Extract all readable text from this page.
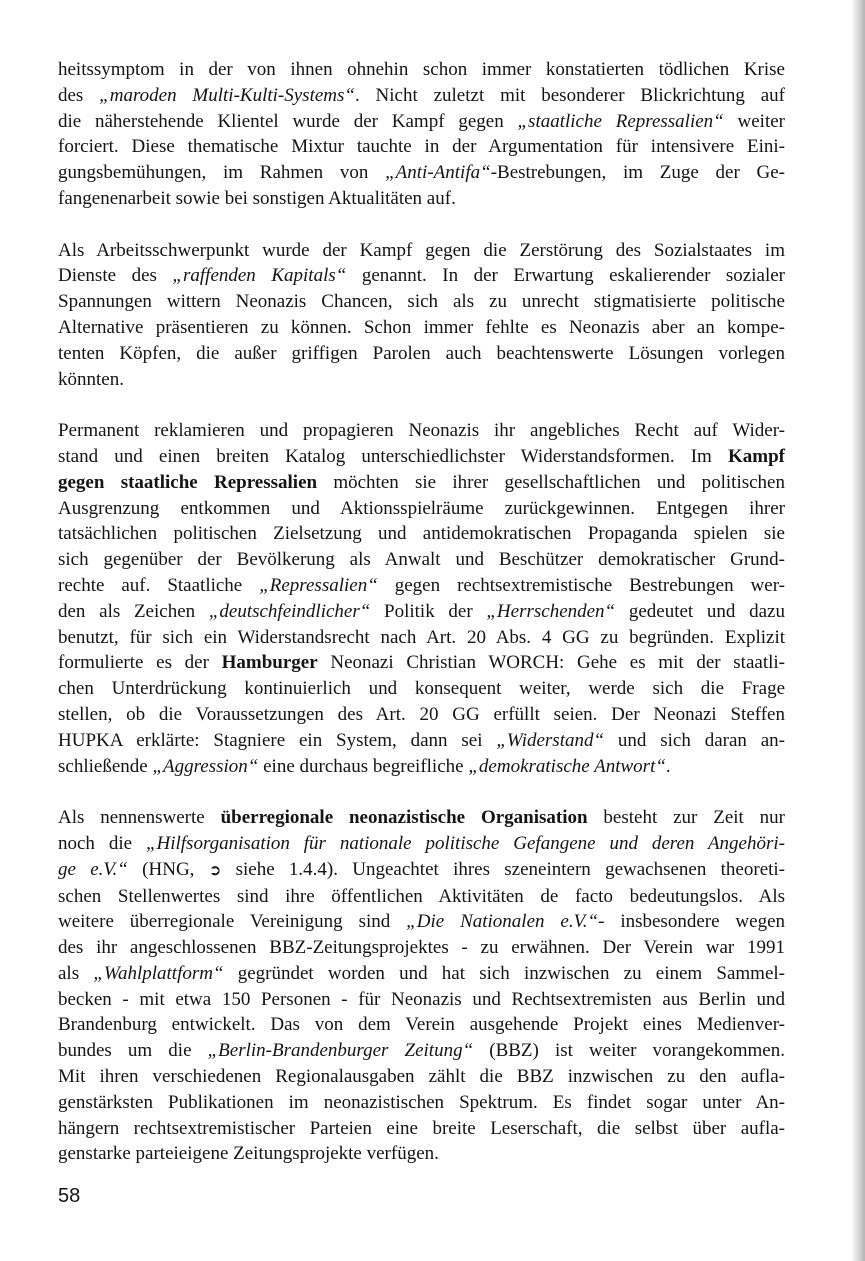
heitssymptom in der von ihnen ohnehin schon immer konstatierten tödlichen Krise
des „maroden Multi-Kulti-Systems“. Nicht zuletzt mit besonderer Blickrichtung auf
die näherstehende Klientel wurde der Kampf gegen „staatliche Repressalien“ weiter
forciert. Diese thematische Mixtur tauchte in der Argumentation für intensivere Eini-
gungsbemühungen, im Rahmen von „Anti-Antifa“-Bestrebungen, im Zuge der Ge-
fangenenarbeit sowie bei sonstigen Aktualitäten auf.

Als Arbeitsschwerpunkt wurde der Kampf gegen die Zerstörung des Sozialstaates im
Dienste des „raffenden Kapitals“ genannt. In der Erwartung eskalierender sozialer
Spannungen wittern Neonazis Chancen, sich als zu unrecht stigmatisierte politische
Alternative präsentieren zu können. Schon immer fehlte es Neonazis aber an kompe-
tenten Köpfen, die außer griffigen Parolen auch beachtenswerte Lösungen vorlegen
könnten.

Permanent reklamieren und propagieren Neonazis ihr angebliches Recht auf Wider-
stand und einen breiten Katalog unterschiedlichster Widerstandsformen. Im Kampf
gegen staatliche Repressalien möchten sie ihrer gesellschaftlichen und politischen
Ausgrenzung entkommen und Aktionsspielräume zurückgewinnen. Entgegen ihrer
tatsächlichen politischen Zielsetzung und antidemokratischen Propaganda spielen sie
sich gegenüber der Bevölkerung als Anwalt und Beschützer demokratischer Grund-
rechte auf. Staatliche „Repressalien“ gegen rechtsextremistische Bestrebungen wer-
den als Zeichen „deutschfeindlicher“ Politik der „Herrschenden“ gedeutet und dazu
benutzt, für sich ein Widerstandsrecht nach Art. 20 Abs. 4 GG zu begründen. Explizit
formulierte es der Hamburger Neonazi Christian WORCH: Gehe es mit der staatli-
chen Unterdrückung kontinuierlich und konsequent weiter, werde sich die Frage
stellen, ob die Voraussetzungen des Art. 20 GG erfüllt seien. Der Neonazi Steffen
HUPKA erklärte: Stagniere ein System, dann sei „Widerstand“ und sich daran an-
schließende „Aggression“ eine durchaus begreifliche „demokratische Antwort“.

Als nennenswerte überregionale neonazistische Organisation besteht zur Zeit nur
noch die „Hilfsorganisation für nationale politische Gefangene und deren Angehöri-
ge e.V.“ (HNG, ➲ siehe 1.4.4). Ungeachtet ihres szeneintern gewachsenen theoreti-
schen Stellenwertes sind ihre öffentlichen Aktivitäten de facto bedeutungslos. Als
weitere überregionale Vereinigung sind „Die Nationalen e.V.“- insbesondere wegen
des ihr angeschlossenen BBZ-Zeitungsprojektes - zu erwähnen. Der Verein war 1991
als „Wahlplattform“ gegründet worden und hat sich inzwischen zu einem Sammel-
becken - mit etwa 150 Personen - für Neonazis und Rechtsextremisten aus Berlin und
Brandenburg entwickelt. Das von dem Verein ausgehende Projekt eines Medienver-
bundes um die „Berlin-Brandenburger Zeitung“ (BBZ) ist weiter vorangekommen.
Mit ihren verschiedenen Regionalausgaben zählt die BBZ inzwischen zu den aufla-
genstärksten Publikationen im neonazistischen Spektrum. Es findet sogar unter An-
hängern rechtsextremistischer Parteien eine breite Leserschaft, die selbst über aufla-
genstarke parteieigene Zeitungsprojekte verfügen.

58
